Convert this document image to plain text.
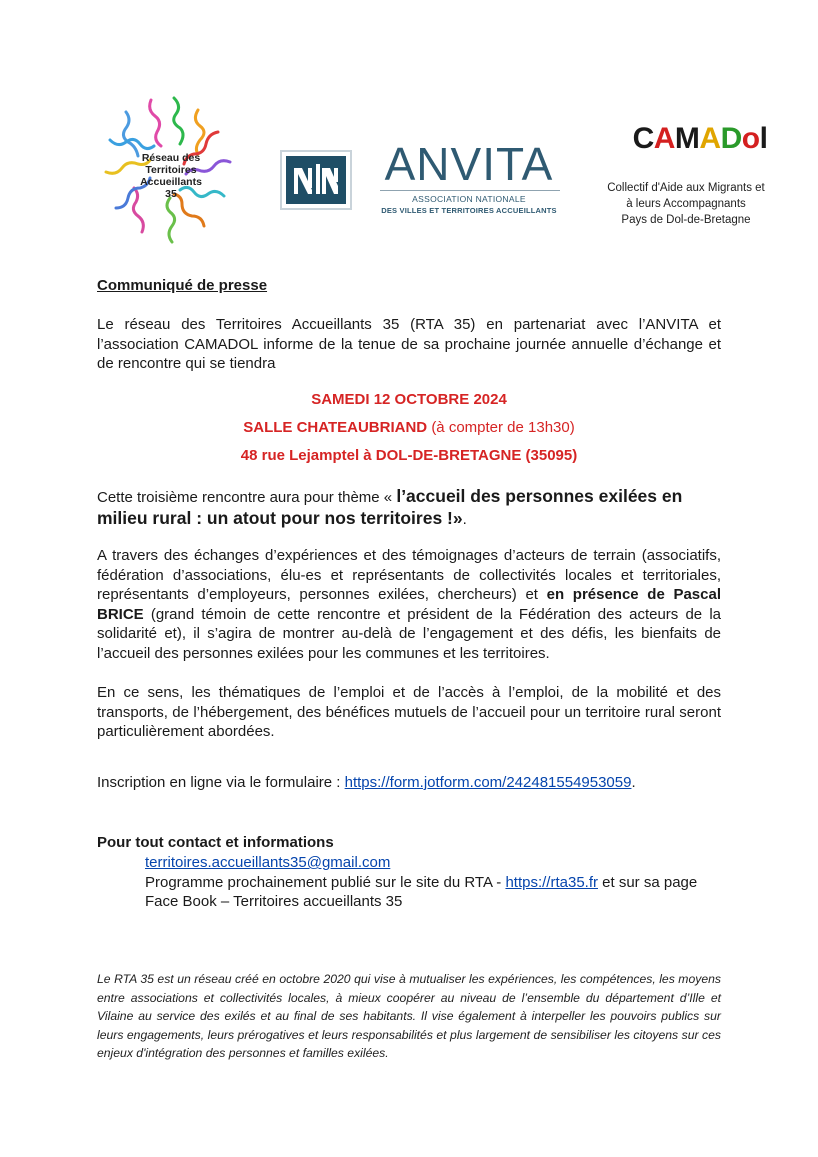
Réseau des
Territoires
Accueillants
35
ANVITA
ASSOCIATION NATIONALE
DES VILLES ET TERRITOIRES ACCUEILLANTS
CAMADol
Collectif d'Aide aux Migrants et
à leurs Accompagnants
Pays de Dol-de-Bretagne
Communiqué de presse
Le réseau des Territoires Accueillants 35 (RTA 35) en partenariat avec l’ANVITA et l’association CAMADOL informe de la tenue de sa prochaine journée annuelle d’échange et de rencontre qui se tiendra
SAMEDI 12 OCTOBRE 2024
SALLE CHATEAUBRIAND (à compter de 13h30)
48 rue Lejamptel à DOL-DE-BRETAGNE (35095)
Cette troisième rencontre aura pour thème « l’accueil des personnes exilées en milieu rural : un atout pour nos territoires !».
A travers des échanges d’expériences et des témoignages d’acteurs de terrain (associatifs, fédération d’associations, élu-es et représentants de collectivités locales et territoriales, représentants d’employeurs, personnes exilées, chercheurs) et en présence de Pascal BRICE (grand témoin de cette rencontre et président de la Fédération des acteurs de la solidarité et), il s’agira de montrer au-delà de l’engagement et des défis, les bienfaits de l’accueil des personnes exilées pour les communes et les territoires.
En ce sens, les thématiques de l’emploi et de l’accès à l’emploi, de la mobilité et des transports, de l’hébergement, des bénéfices mutuels de l’accueil pour un territoire rural seront particulièrement abordées.
Inscription en ligne via le formulaire : https://form.jotform.com/242481554953059.
Pour tout contact et informations
territoires.accueillants35@gmail.com
Programme prochainement publié sur le site du RTA - https://rta35.fr et sur sa page Face Book – Territoires accueillants 35
Le RTA 35 est un réseau créé en octobre 2020 qui vise à mutualiser les expériences, les compétences, les moyens entre associations et collectivités locales, à mieux coopérer au niveau de l’ensemble du département d’Ille et Vilaine au service des exilés et au final de ses habitants. Il vise également à interpeller les pouvoirs publics sur leurs engagements, leurs prérogatives et leurs responsabilités et plus largement de sensibiliser les citoyens sur ces enjeux d'intégration des personnes et familles exilées.
